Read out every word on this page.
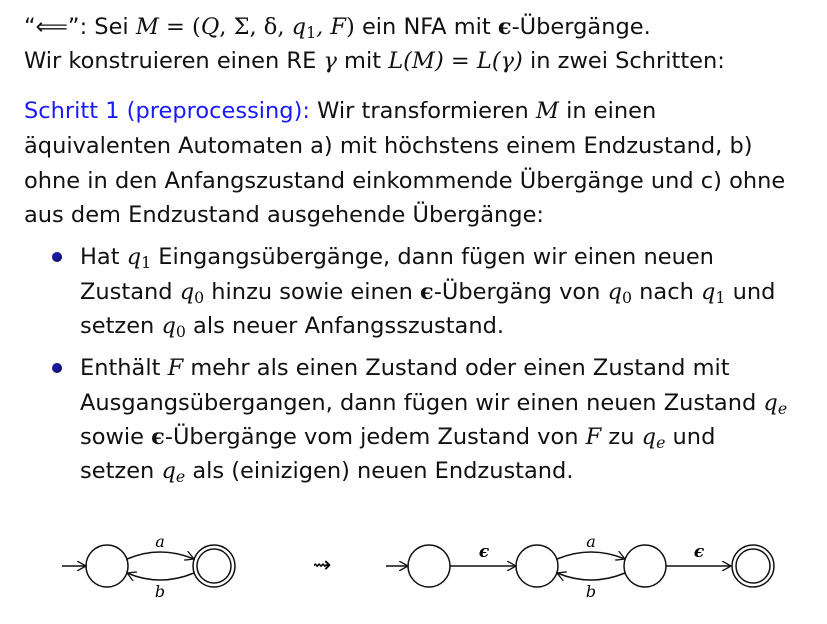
“⟸”: Sei M = (Q, Σ, δ, $q_1$, F) ein NFA mit ϵ-Übergänge.
Wir konstruieren einen RE γ mit L(M) = L(γ) in zwei Schritten:
Schritt 1 (preprocessing): Wir transformieren M in einen
äquivalenten Automaten a) mit höchstens einem Endzustand, b)
ohne in den Anfangszustand einkommende Übergänge und c) ohne
aus dem Endzustand ausgehende Übergänge:
Hat $q_1$ Eingangsübergänge, dann fügen wir einen neuen
Zustand $q_0$ hinzu sowie einen ϵ-Übergäng von $q_0$ nach $q_1$ und
setzen $q_0$ als neuer Anfangsszustand.
Enthält F mehr als einen Zustand oder einen Zustand mit
Ausgangsübergangen, dann fügen wir einen neuen Zustand $q_e$
sowie ϵ-Übergänge vom jedem Zustand von F zu $q_e$ und
setzen $q_e$ als (einizigen) neuen Endzustand.
a
b
⇝
ϵ
a
b
ϵ
